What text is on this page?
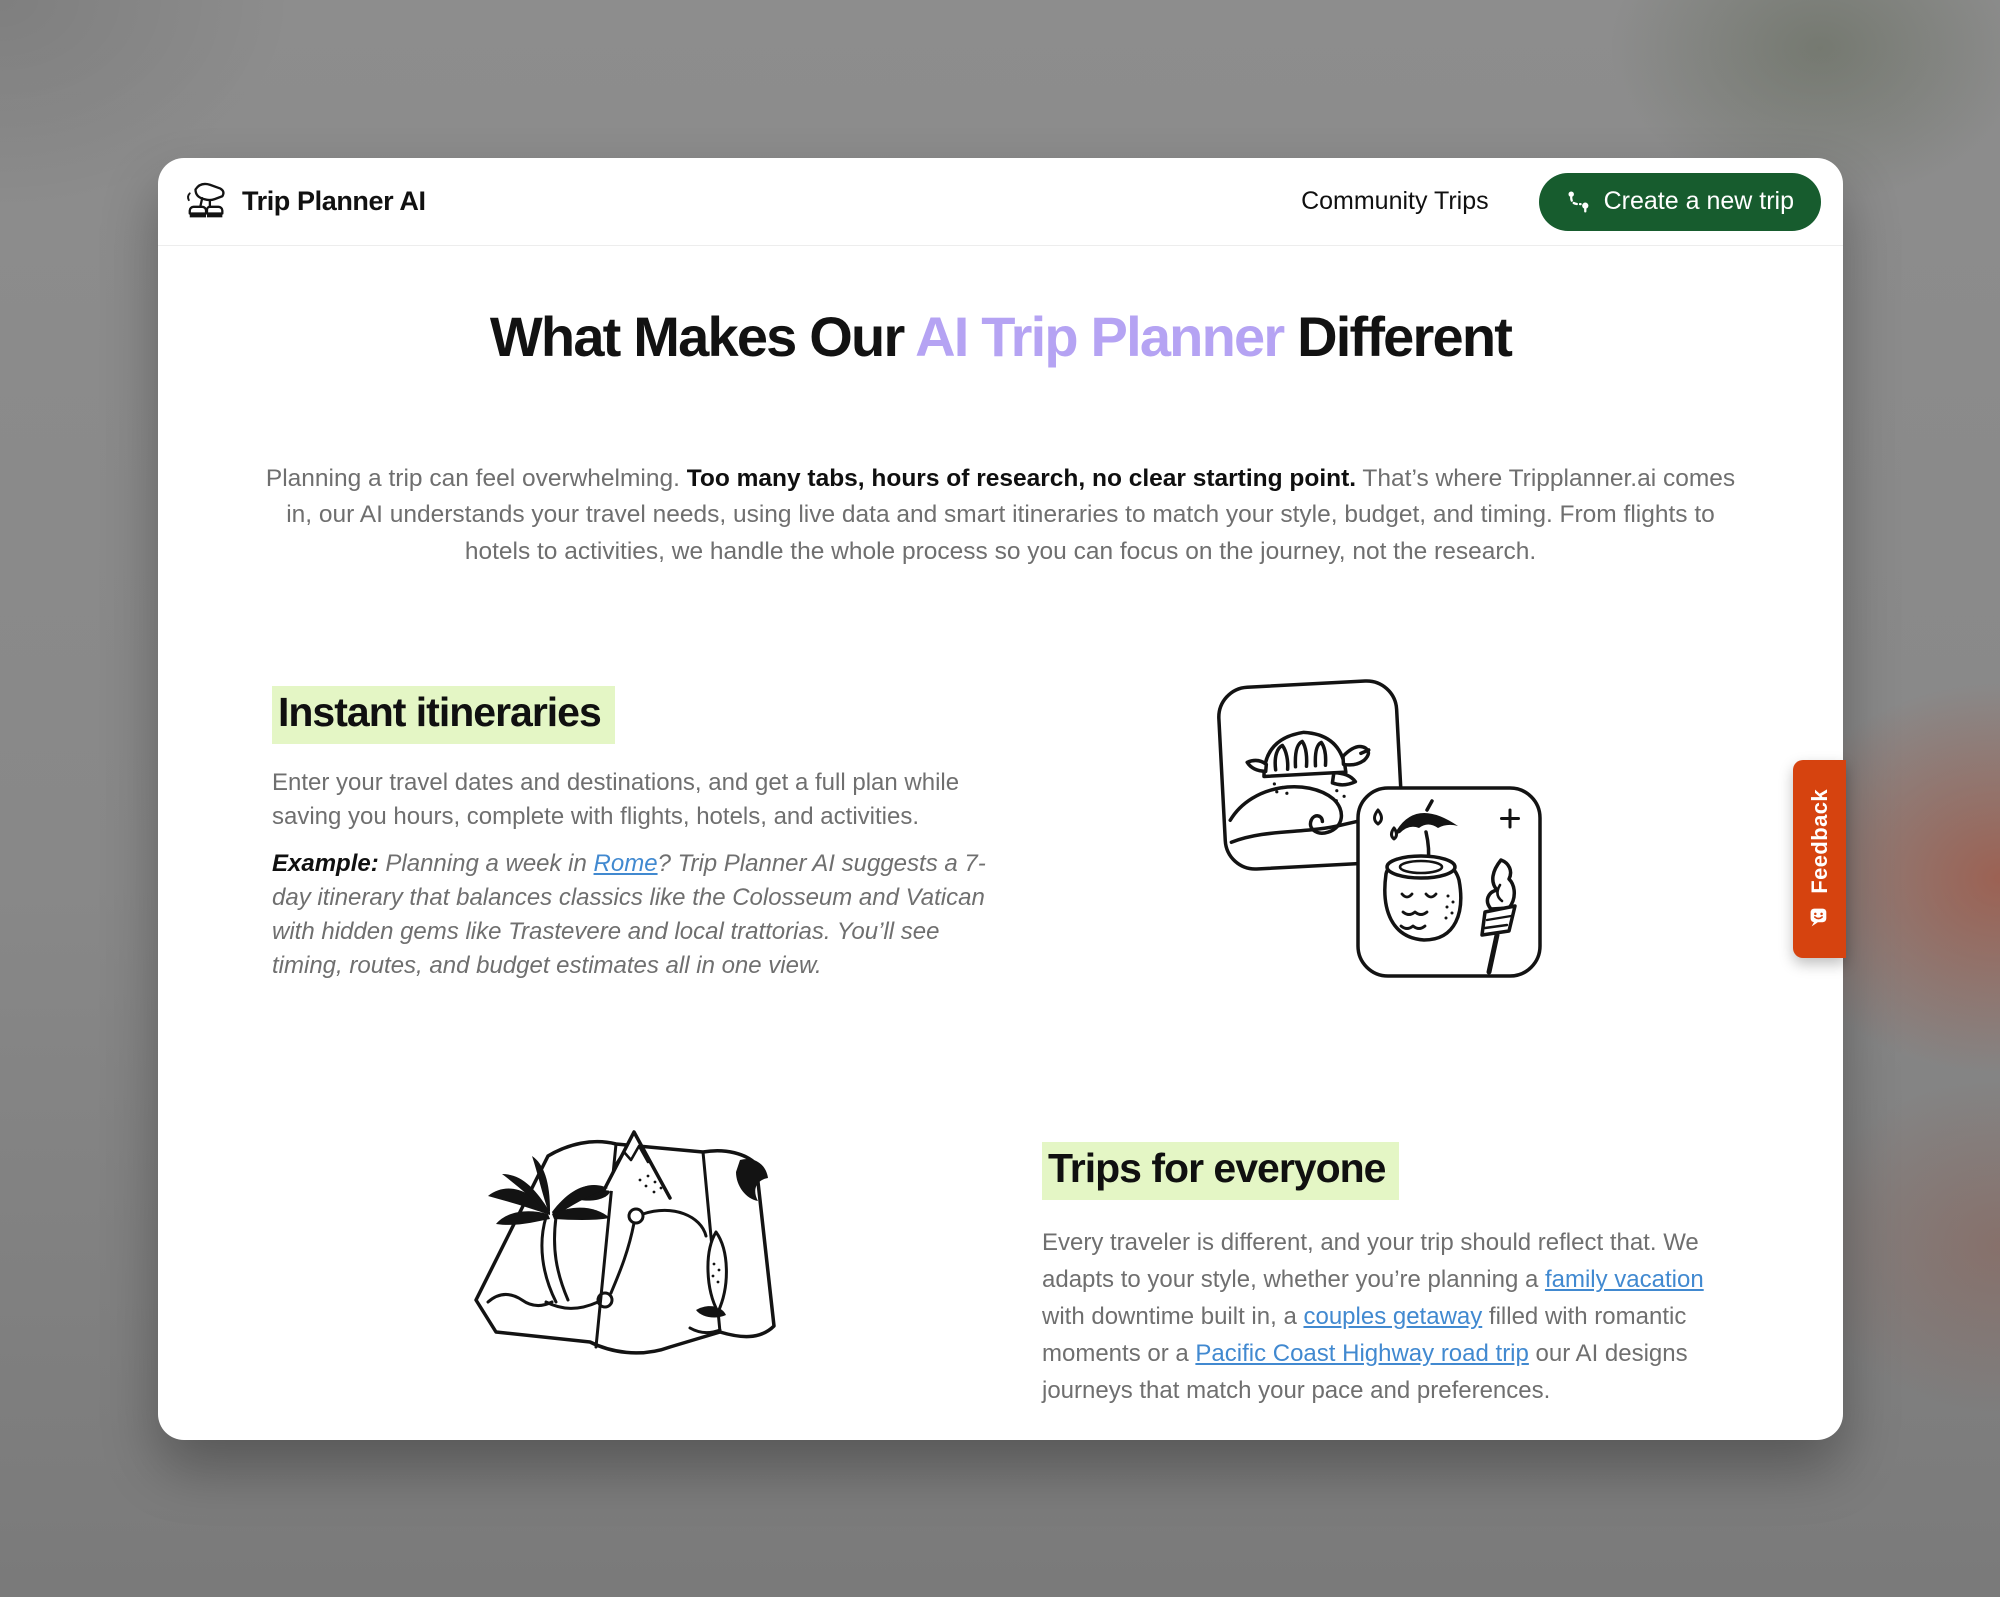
Trip Planner AI	Community Trips	Create a new trip
What Makes Our AI Trip Planner Different

Planning a trip can feel overwhelming. Too many tabs, hours of research, no clear starting point. That’s where Tripplanner.ai comes in, our AI understands your travel needs, using live data and smart itineraries to match your style, budget, and timing. From flights to hotels to activities, we handle the whole process so you can focus on the journey, not the research.

Instant itineraries
Enter your travel dates and destinations, and get a full plan while saving you hours, complete with flights, hotels, and activities.
Example: Planning a week in Rome? Trip Planner AI suggests a 7-day itinerary that balances classics like the Colosseum and Vatican with hidden gems like Trastevere and local trattorias. You’ll see timing, routes, and budget estimates all in one view.
Trips for everyone
Every traveler is different, and your trip should reflect that. We adapts to your style, whether you’re planning a family vacation with downtime built in, a couples getaway filled with romantic moments or a Pacific Coast Highway road trip our AI designs journeys that match your pace and preferences.
Feedback
